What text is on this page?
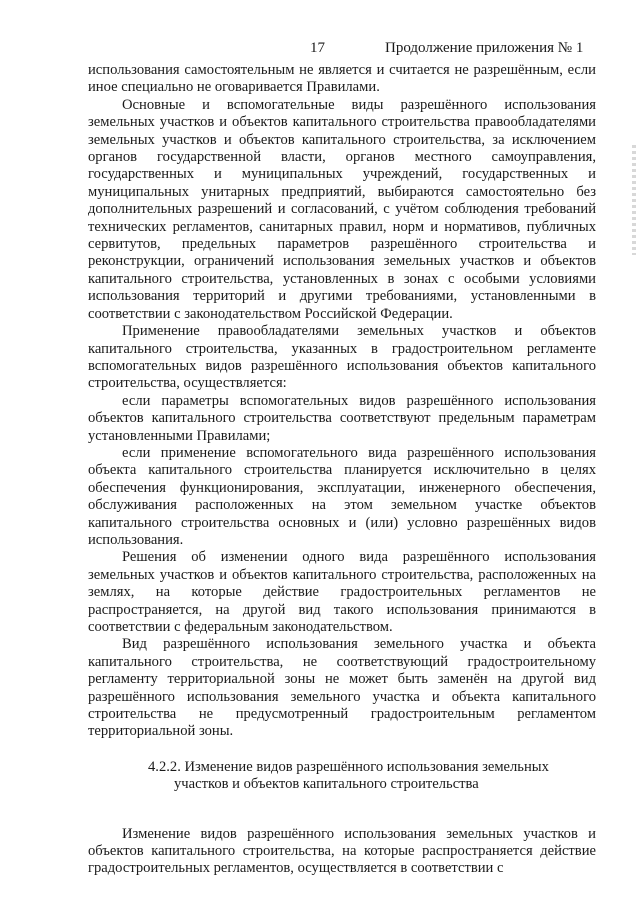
17	Продолжение приложения № 1

использования самостоятельным не является и считается не разрешённым, если иное специально не оговаривается Правилами.

Основные и вспомогательные виды разрешённого использования земельных участков и объектов капитального строительства правообладателями земельных участков и объектов капитального строительства, за исключением органов государственной власти, органов местного самоуправления, государственных и муниципальных учреждений, государственных и муниципальных унитарных предприятий, выбираются самостоятельно без дополнительных разрешений и согласований, с учётом соблюдения требований технических регламентов, санитарных правил, норм и нормативов, публичных сервитутов, предельных параметров разрешённого строительства и реконструкции, ограничений использования земельных участков и объектов капитального строительства, установленных в зонах с особыми условиями использования территорий и другими требованиями, установленными в соответствии с законодательством Российской Федерации.

Применение правообладателями земельных участков и объектов капитального строительства, указанных в градостроительном регламенте вспомогательных видов разрешённого использования объектов капитального строительства, осуществляется:

если параметры вспомогательных видов разрешённого использования объектов капитального строительства соответствуют предельным параметрам установленными Правилами;

если применение вспомогательного вида разрешённого использования объекта капитального строительства планируется исключительно в целях обеспечения функционирования, эксплуатации, инженерного обеспечения, обслуживания расположенных на этом земельном участке объектов капитального строительства основных и (или) условно разрешённых видов использования.

Решения об изменении одного вида разрешённого использования земельных участков и объектов капитального строительства, расположенных на землях, на которые действие градостроительных регламентов не распространяется, на другой вид такого использования принимаются в соответствии с федеральным законодательством.

Вид разрешённого использования земельного участка и объекта капитального строительства, не соответствующий градостроительному регламенту территориальной зоны не может быть заменён на другой вид разрешённого использования земельного участка и объекта капитального строительства не предусмотренный градостроительным регламентом территориальной зоны.

4.2.2. Изменение видов разрешённого использования земельных
участков и объектов капитального строительства

Изменение видов разрешённого использования земельных участков и объектов капитального строительства, на которые распространяется действие градостроительных регламентов, осуществляется в соответствии с
